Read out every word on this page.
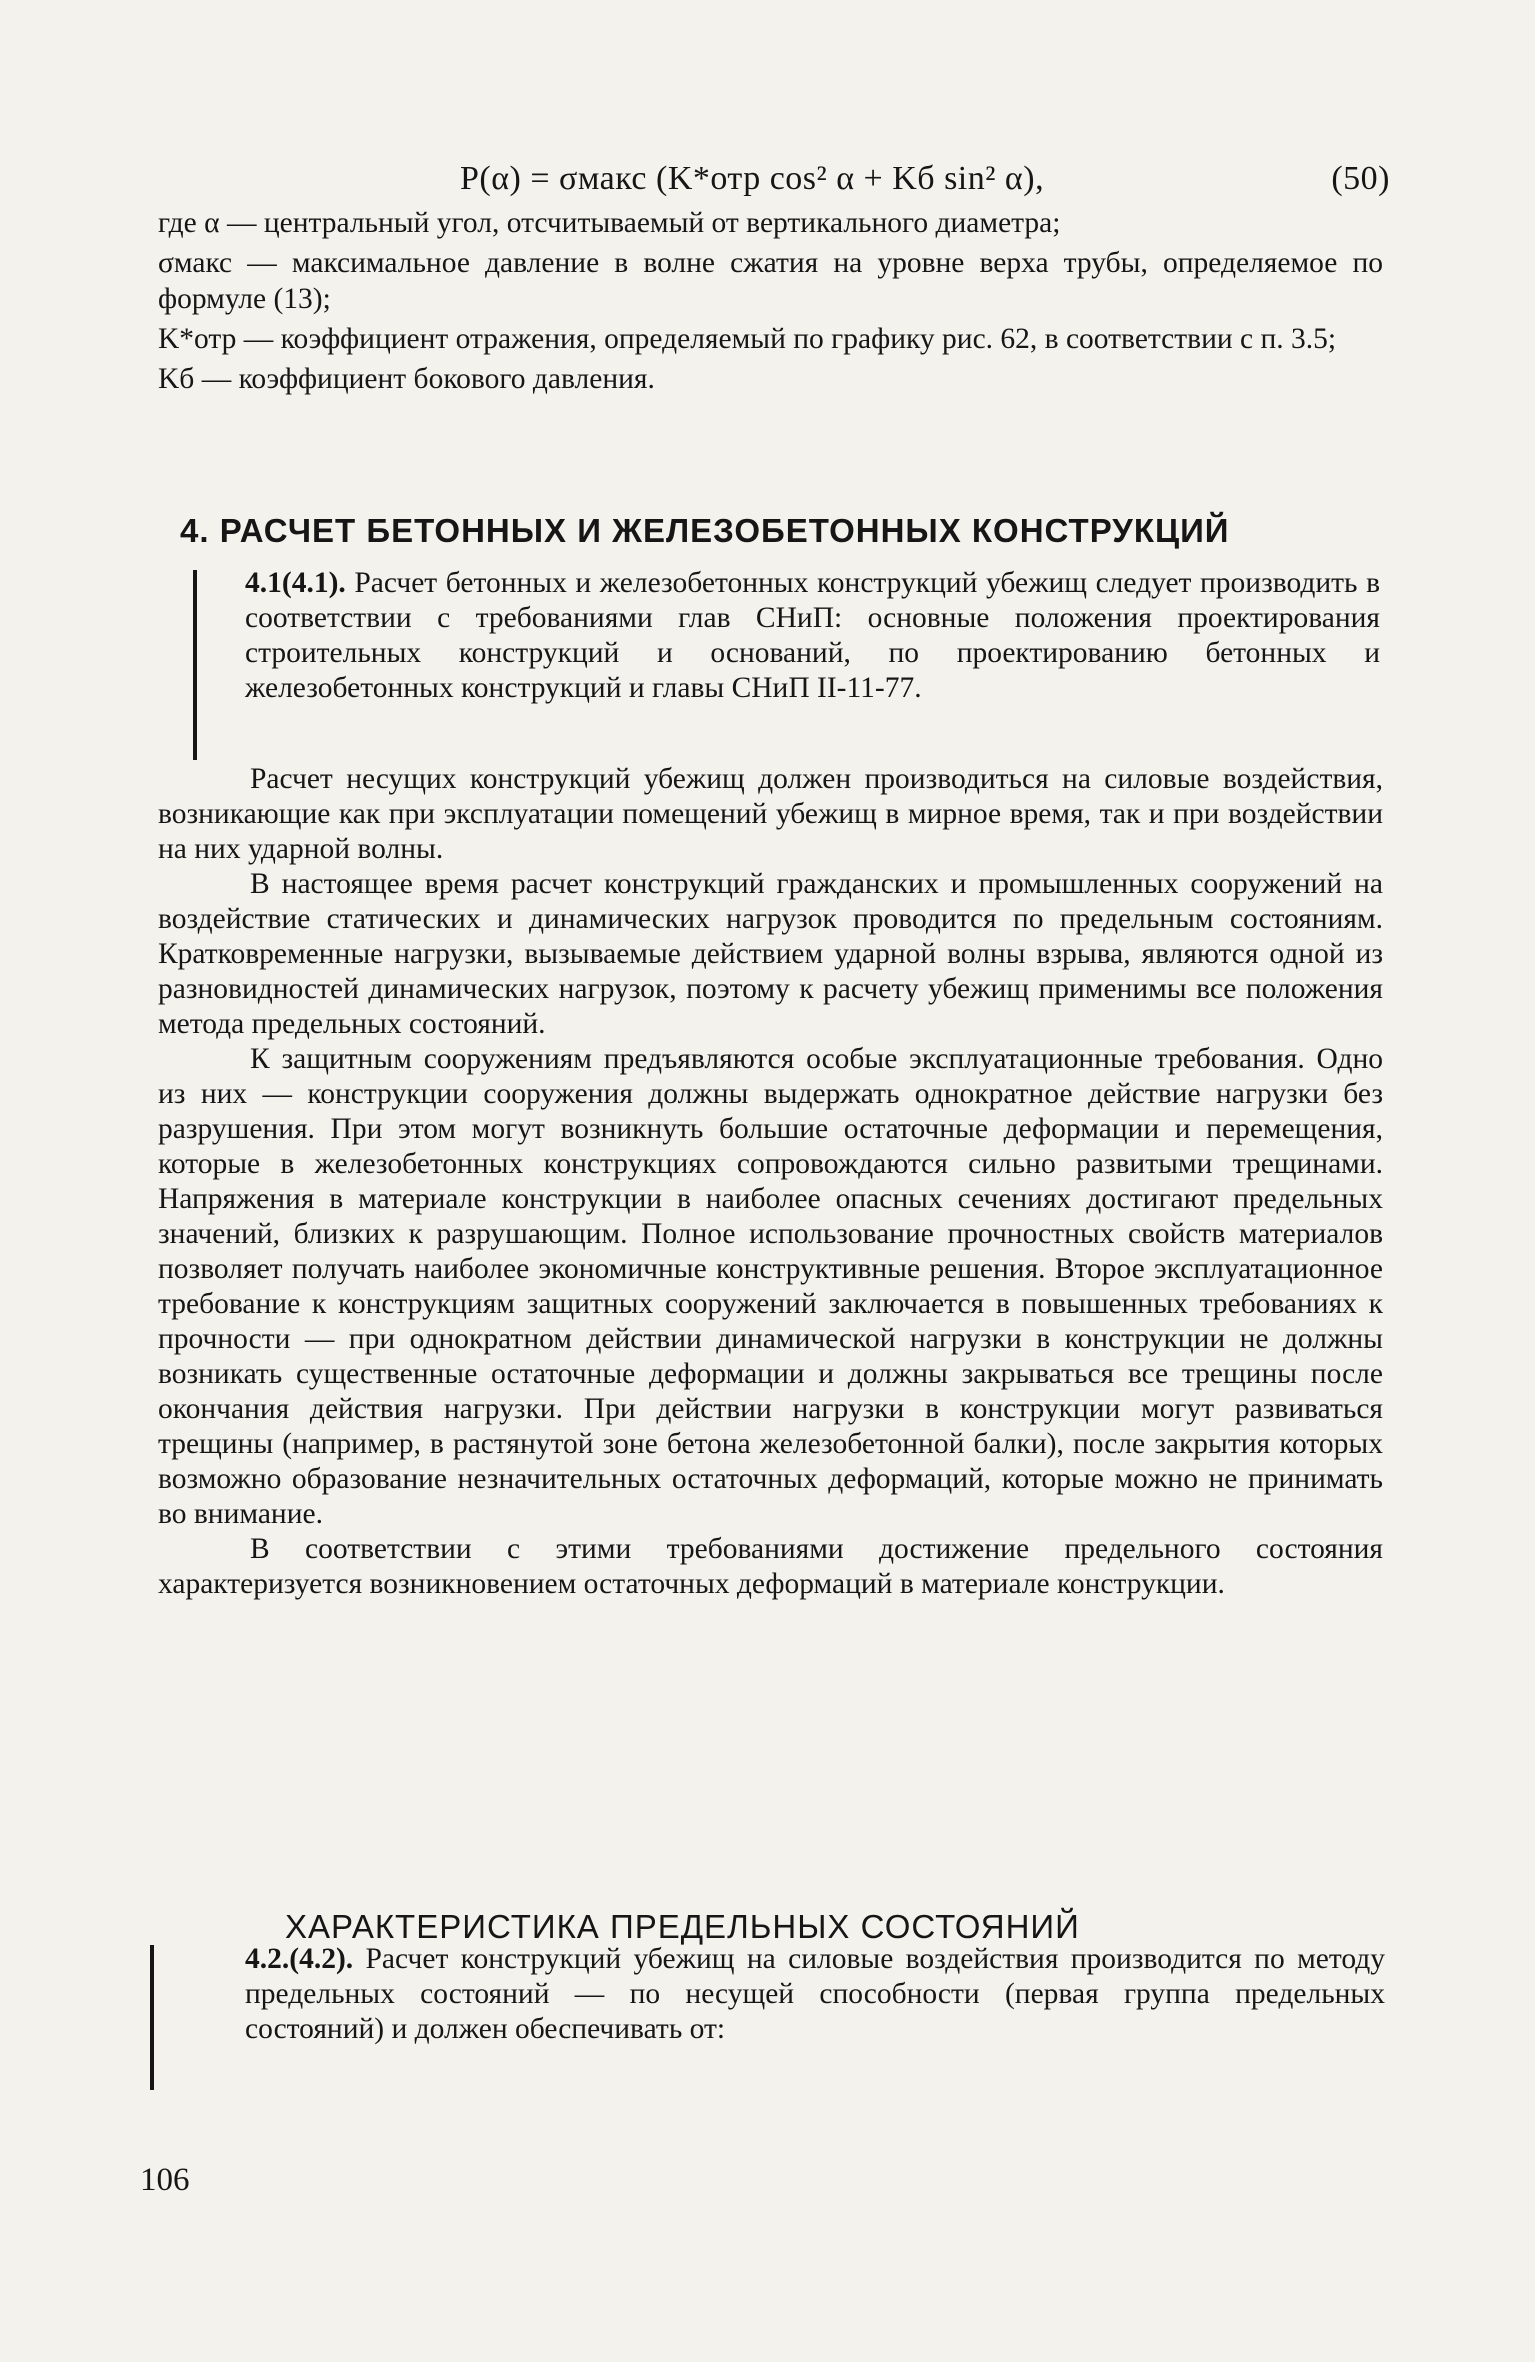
P(α) = σмакс (K*отр cos² α + Kб sin² α),	(50)

где α — центральный угол, отсчитываемый от вертикального диаметра;

σмакс — максимальное давление в волне сжатия на уровне верха трубы, определяемое по формуле (13);

K*отр — коэффициент отражения, определяемый по графику рис. 62, в соответствии с п. 3.5;

Kб — коэффициент бокового давления.

4. РАСЧЕТ БЕТОННЫХ И ЖЕЛЕЗОБЕТОННЫХ КОНСТРУКЦИЙ

4.1(4.1). Расчет бетонных и железобетонных конструкций убежищ следует производить в соответствии с требованиями глав СНиП: основные положения проектирования строительных конструкций и оснований, по проектированию бетонных и железобетонных конструкций и главы СНиП II-11-77.

Расчет несущих конструкций убежищ должен производиться на силовые воздействия, возникающие как при эксплуатации помещений убежищ в мирное время, так и при воздействии на них ударной волны.

В настоящее время расчет конструкций гражданских и промышленных сооружений на воздействие статических и динамических нагрузок проводится по предельным состояниям. Кратковременные нагрузки, вызываемые действием ударной волны взрыва, являются одной из разновидностей динамических нагрузок, поэтому к расчету убежищ применимы все положения метода предельных состояний.

К защитным сооружениям предъявляются особые эксплуатационные требования. Одно из них — конструкции сооружения должны выдержать однократное действие нагрузки без разрушения. При этом могут возникнуть большие остаточные деформации и перемещения, которые в железобетонных конструкциях сопровождаются сильно развитыми трещинами. Напряжения в материале конструкции в наиболее опасных сечениях достигают предельных значений, близких к разрушающим. Полное использование прочностных свойств материалов позволяет получать наиболее экономичные конструктивные решения. Второе эксплуатационное требование к конструкциям защитных сооружений заключается в повышенных требованиях к прочности — при однократном действии динамической нагрузки в конструкции не должны возникать существенные остаточные деформации и должны закрываться все трещины после окончания действия нагрузки. При действии нагрузки в конструкции могут развиваться трещины (например, в растянутой зоне бетона железобетонной балки), после закрытия которых возможно образование незначительных остаточных деформаций, которые можно не принимать во внимание.

В соответствии с этими требованиями достижение предельного состояния характеризуется возникновением остаточных деформаций в материале конструкции.

ХАРАКТЕРИСТИКА ПРЕДЕЛЬНЫХ СОСТОЯНИЙ

4.2.(4.2). Расчет конструкций убежищ на силовые воздействия производится по методу предельных состояний — по несущей способности (первая группа предельных состояний) и должен обеспечивать от:

106
